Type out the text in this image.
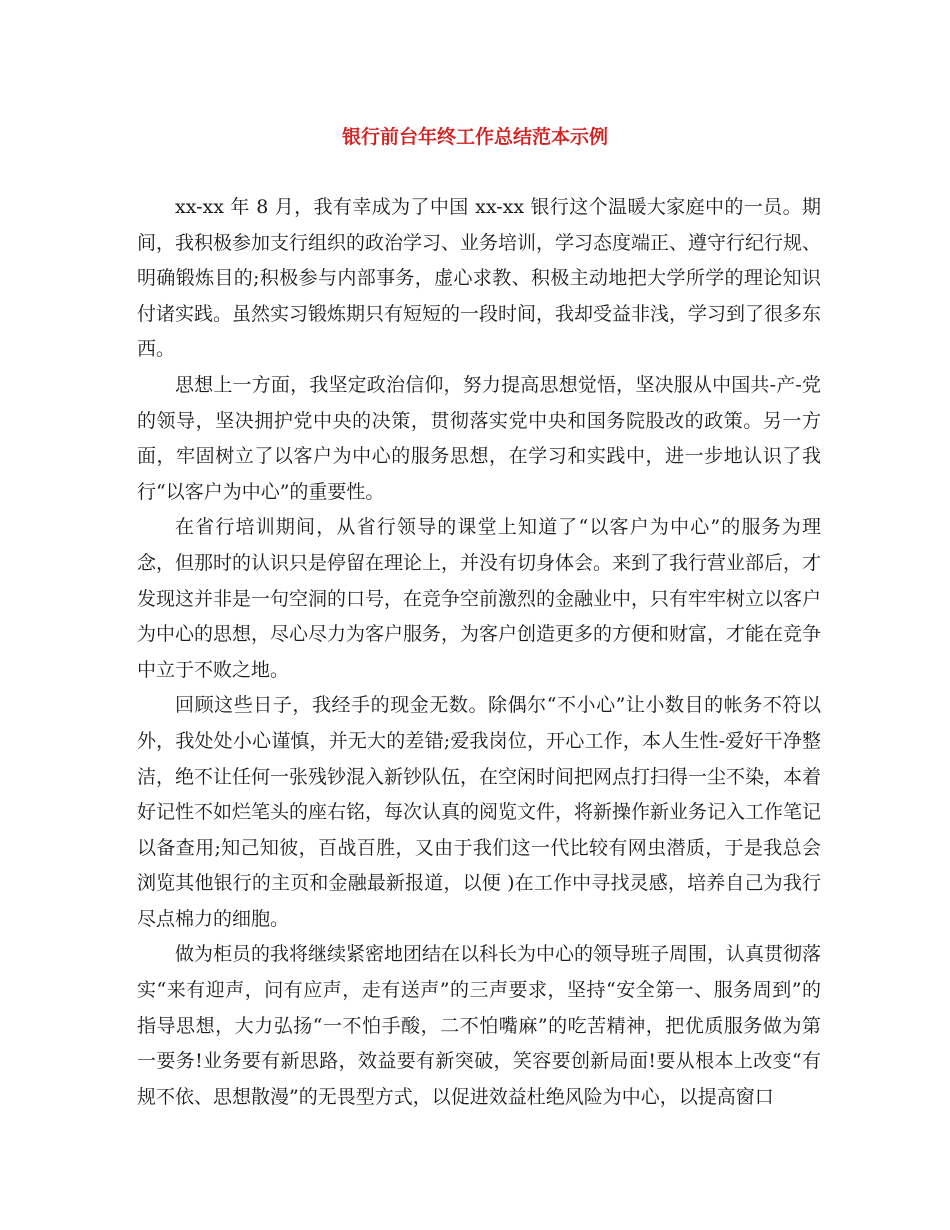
银行前台年终工作总结范本示例

xx-xx 年 8 月，我有幸成为了中国 xx-xx 银行这个温暖大家庭中的一员。期间，我积极参加支行组织的政治学习、业务培训，学习态度端正、遵守行纪行规、明确锻炼目的;积极参与内部事务，虚心求教、积极主动地把大学所学的理论知识付诸实践。虽然实习锻炼期只有短短的一段时间，我却受益非浅，学习到了很多东西。

思想上一方面，我坚定政治信仰，努力提高思想觉悟，坚决服从中国共-产-党的领导，坚决拥护党中央的决策，贯彻落实党中央和国务院股改的政策。另一方面，牢固树立了以客户为中心的服务思想，在学习和实践中，进一步地认识了我行“以客户为中心”的重要性。

在省行培训期间，从省行领导的课堂上知道了“以客户为中心”的服务为理念，但那时的认识只是停留在理论上，并没有切身体会。来到了我行营业部后，才发现这并非是一句空洞的口号，在竞争空前激烈的金融业中，只有牢牢树立以客户为中心的思想，尽心尽力为客户服务，为客户创造更多的方便和财富，才能在竞争中立于不败之地。

回顾这些日子，我经手的现金无数。除偶尔“不小心”让小数目的帐务不符以外，我处处小心谨慎，并无大的差错;爱我岗位，开心工作，本人生性-爱好干净整洁，绝不让任何一张残钞混入新钞队伍，在空闲时间把网点打扫得一尘不染，本着好记性不如烂笔头的座右铭，每次认真的阅览文件，将新操作新业务记入工作笔记以备查用;知己知彼，百战百胜，又由于我们这一代比较有网虫潜质，于是我总会浏览其他银行的主页和金融最新报道，以便 )在工作中寻找灵感，培养自己为我行尽点棉力的细胞。

做为柜员的我将继续紧密地团结在以科长为中心的领导班子周围，认真贯彻落实“来有迎声，问有应声，走有送声”的三声要求，坚持“安全第一、服务周到”的指导思想，大力弘扬“一不怕手酸，二不怕嘴麻”的吃苦精神，把优质服务做为第一要务!业务要有新思路，效益要有新突破，笑容要创新局面!要从根本上改变“有规不依、思想散漫”的无畏型方式，以促进效益杜绝风险为中心，以提高窗口
